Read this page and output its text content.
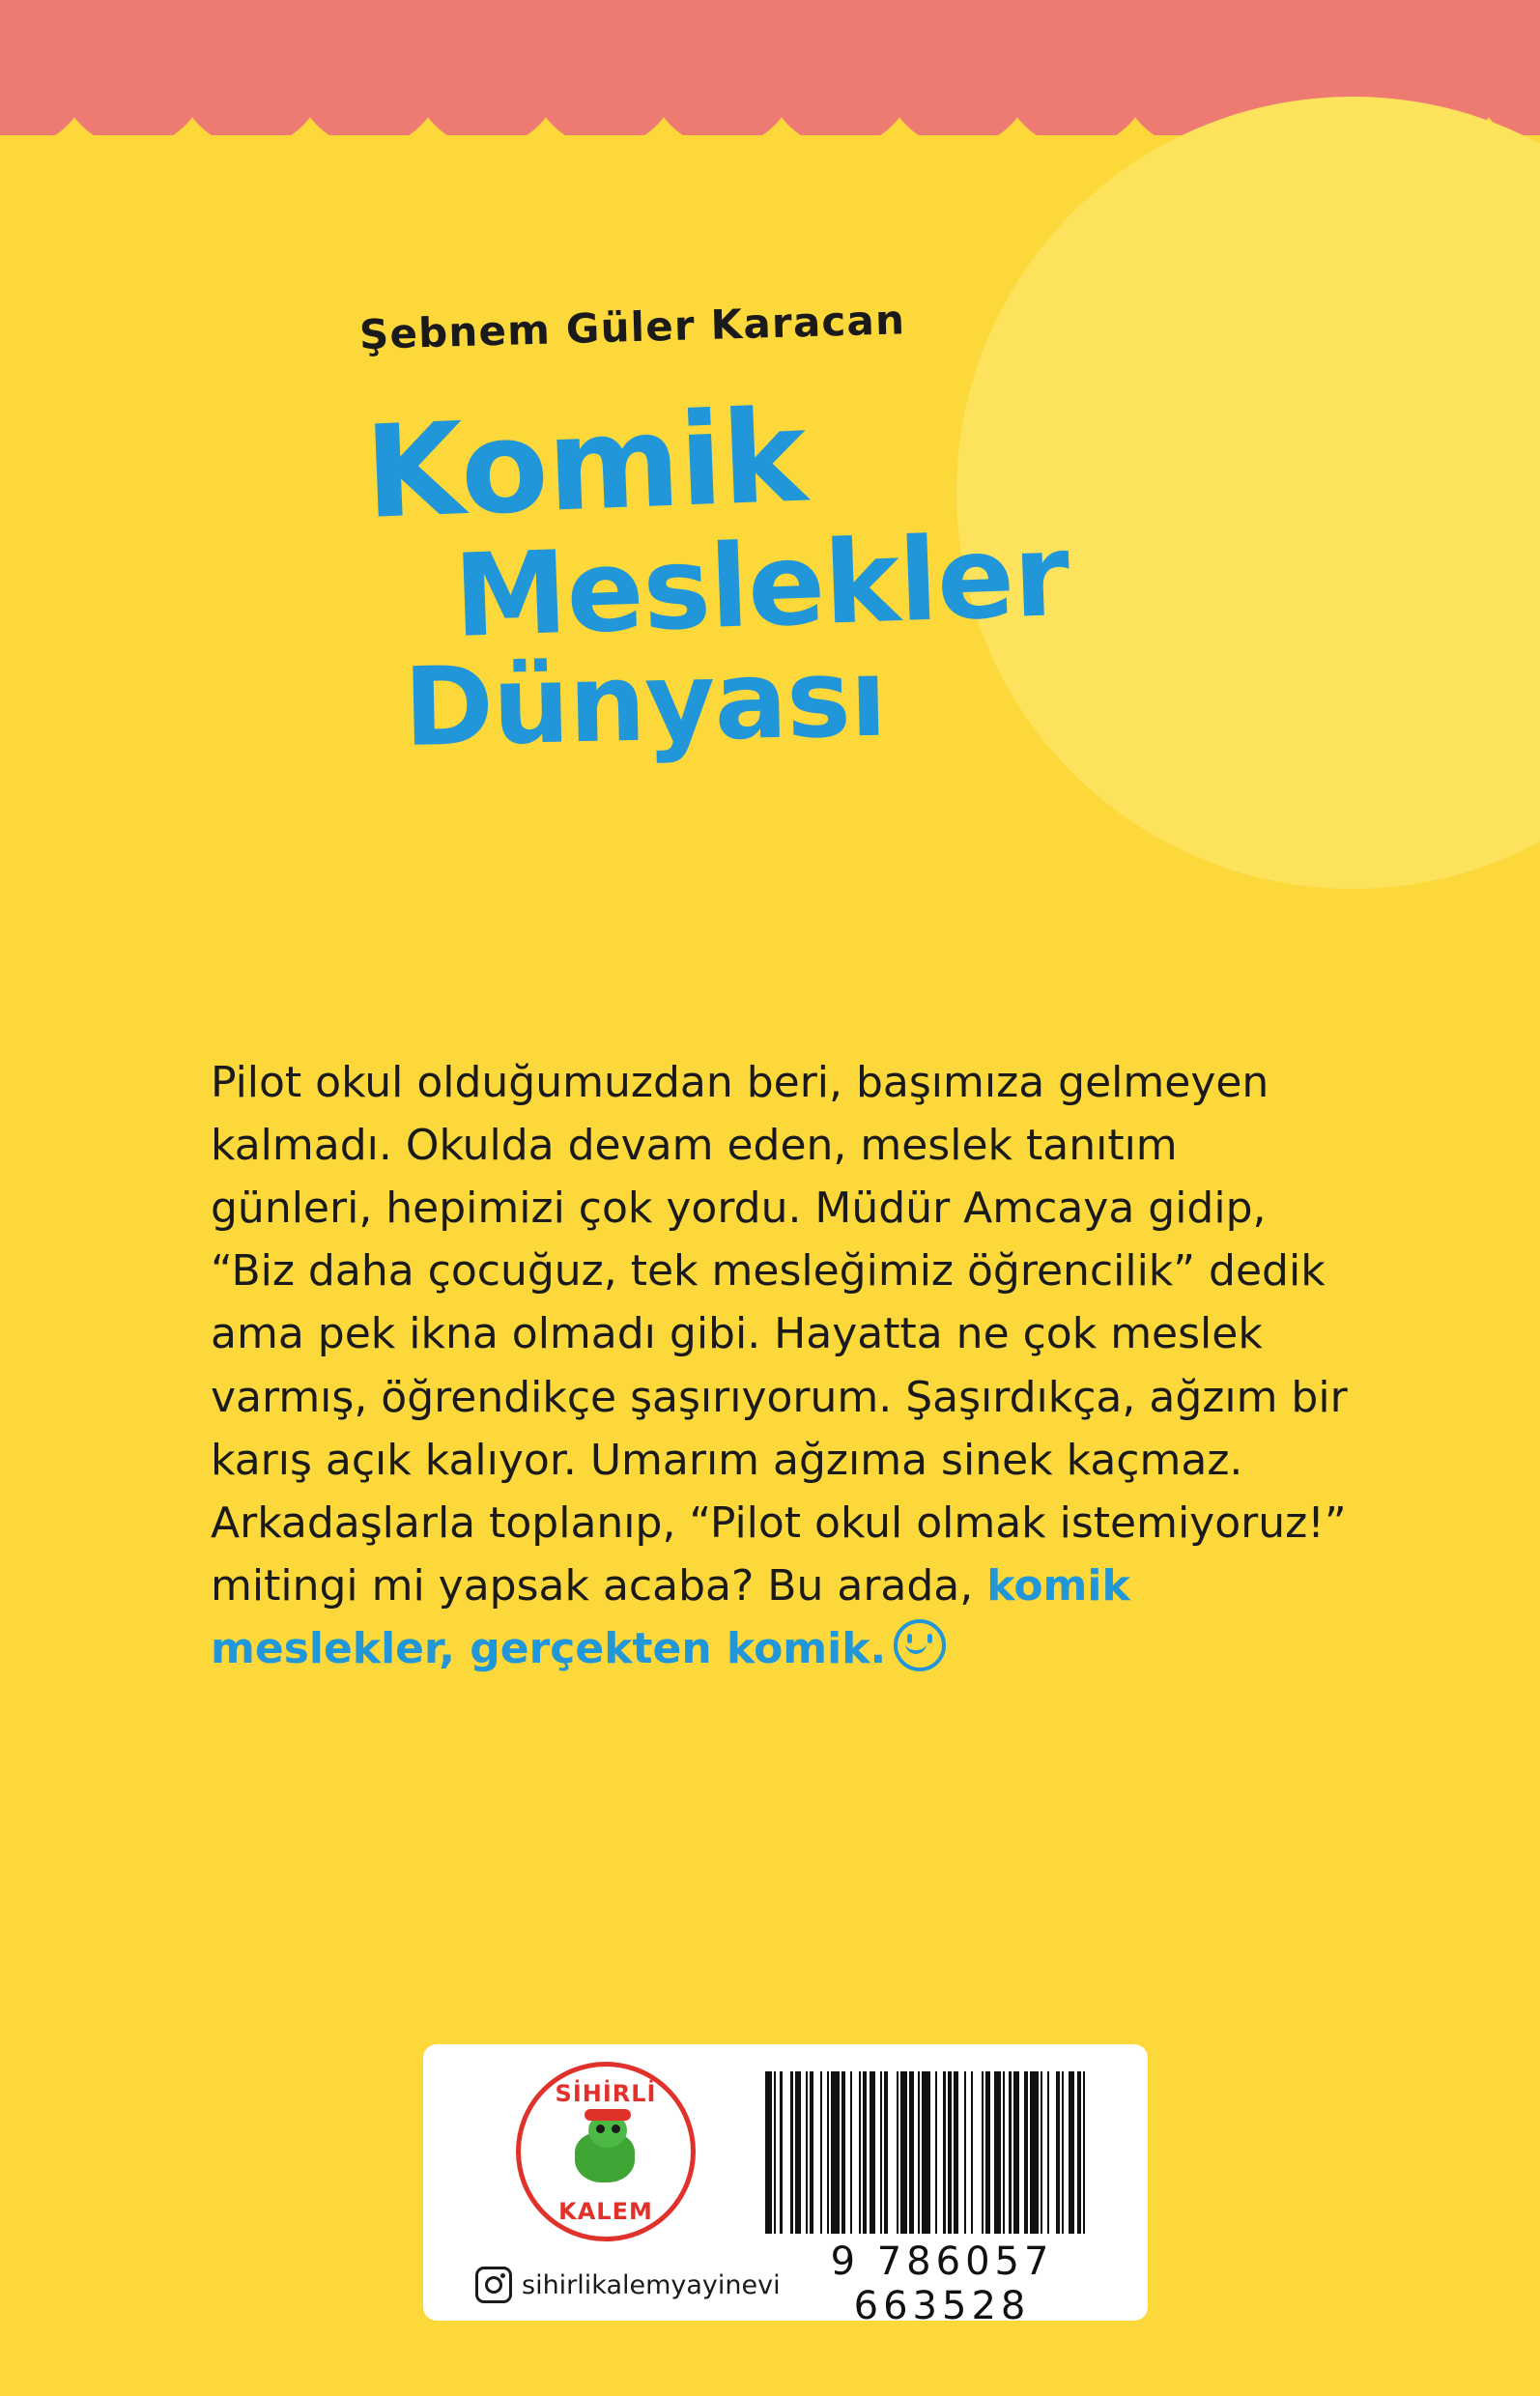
Şebnem Güler Karacan
Komik
Meslekler
Dünyası
Pilot okul olduğumuzdan beri, başımıza gelmeyen kalmadı. Okulda devam eden, meslek tanıtım günleri, hepimizi çok yordu. Müdür Amcaya gidip, “Biz daha çocuğuz, tek mesleğimiz öğrencilik” dedik ama pek ikna olmadı gibi. Hayatta ne çok meslek varmış, öğrendikçe şaşırıyorum. Şaşırdıkça, ağzım bir karış açık kalıyor. Umarım ağzıma sinek kaçmaz. Arkadaşlarla toplanıp, “Pilot okul olmak istemiyoruz!” mitingi mi yapsak acaba? Bu arada, komik meslekler, gerçekten komik.
SİHİRLİ
KALEM
sihirlikalemyayinevi
9 786057 663528
